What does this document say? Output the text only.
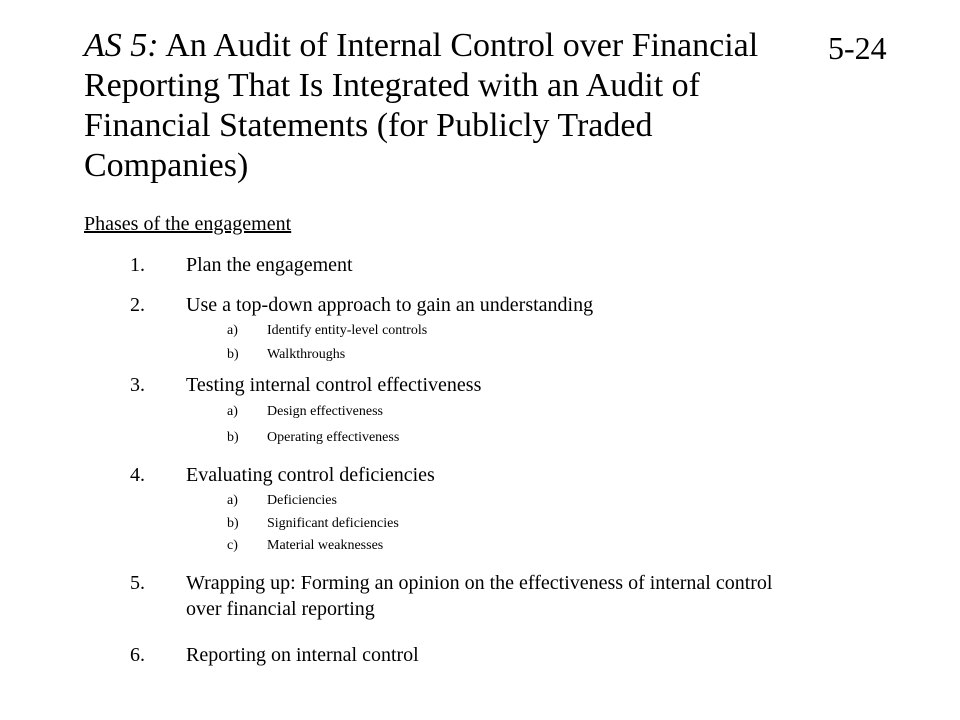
5-24
AS 5: An Audit of Internal Control over Financial Reporting That Is Integrated with an Audit of Financial Statements (for Publicly Traded Companies)
Phases of the engagement
1. Plan the engagement
2. Use a top-down approach to gain an understanding
a) Identify entity-level controls
b) Walkthroughs
3. Testing internal control effectiveness
a) Design effectiveness
b) Operating effectiveness
4. Evaluating control deficiencies
a) Deficiencies
b) Significant deficiencies
c) Material weaknesses
5. Wrapping up: Forming an opinion on the effectiveness of internal control over financial reporting
6. Reporting on internal control
